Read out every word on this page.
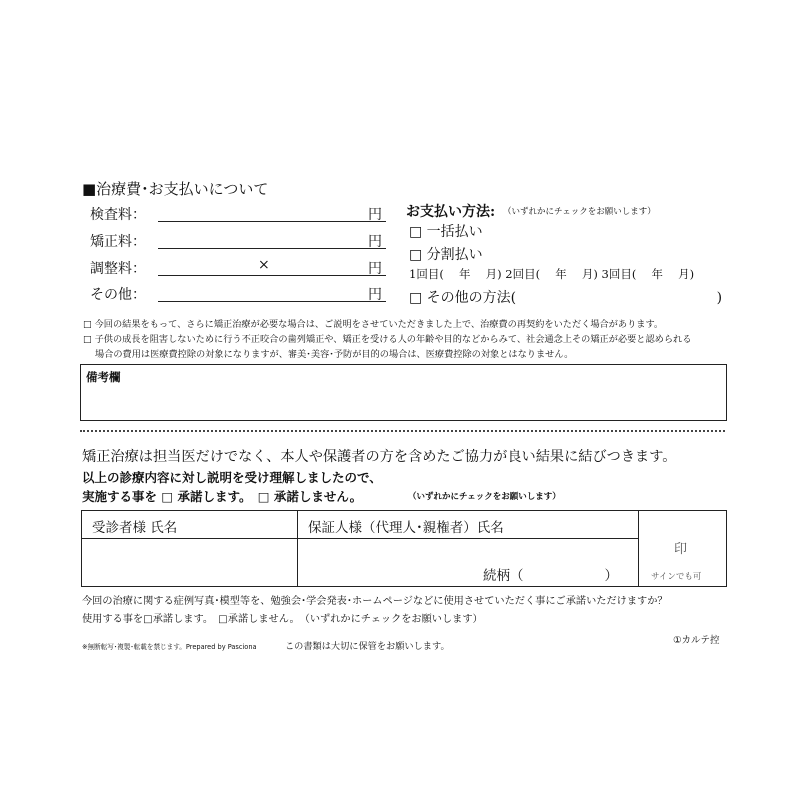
■治療費･お支払いについて
検査料：	円
矯正料：	円
調整料：	×	円
その他：	円
お支払い方法: （いずれかにチェックをお願いします）
□ 一括払い
□ 分割払い
1回目(　 年　 月) 2回目(　 年　 月) 3回目(　 年　 月)
□ その他の方法(　　　　　　　　　　　　　　 )
□ 今回の結果をもって、さらに矯正治療が必要な場合は、ご説明をさせていただきました上で、治療費の再契約をいただく場合があります。
□ 子供の成長を阻害しないために行う不正咬合の歯列矯正や、矯正を受ける人の年齢や目的などからみて、社会通念上その矯正が必要と認められる
場合の費用は医療費控除の対象になりますが、審美･美容･予防が目的の場合は、医療費控除の対象とはなりません。
備考欄
矯正治療は担当医だけでなく、本人や保護者の方を含めたご協力が良い結果に結びつきます。
以上の診療内容に対し説明を受け理解しましたので、
実施する事を □ 承諾します。　□ 承諾しません。	（いずれかにチェックをお願いします）
受診者様 氏名	保証人様（代理人･親権者）氏名
続柄（　　　　　　）
印
サインでも可
今回の治療に関する症例写真･模型等を、勉強会･学会発表･ホームページなどに使用させていただく事にご承諾いただけますか？
使用する事を□承諾します。　□承諾しません。　（いずれかにチェックをお願いします）
①カルテ控
※無断転写･複製･転載を禁じます。Prepared by Pasciona	この書類は大切に保管をお願いします。
